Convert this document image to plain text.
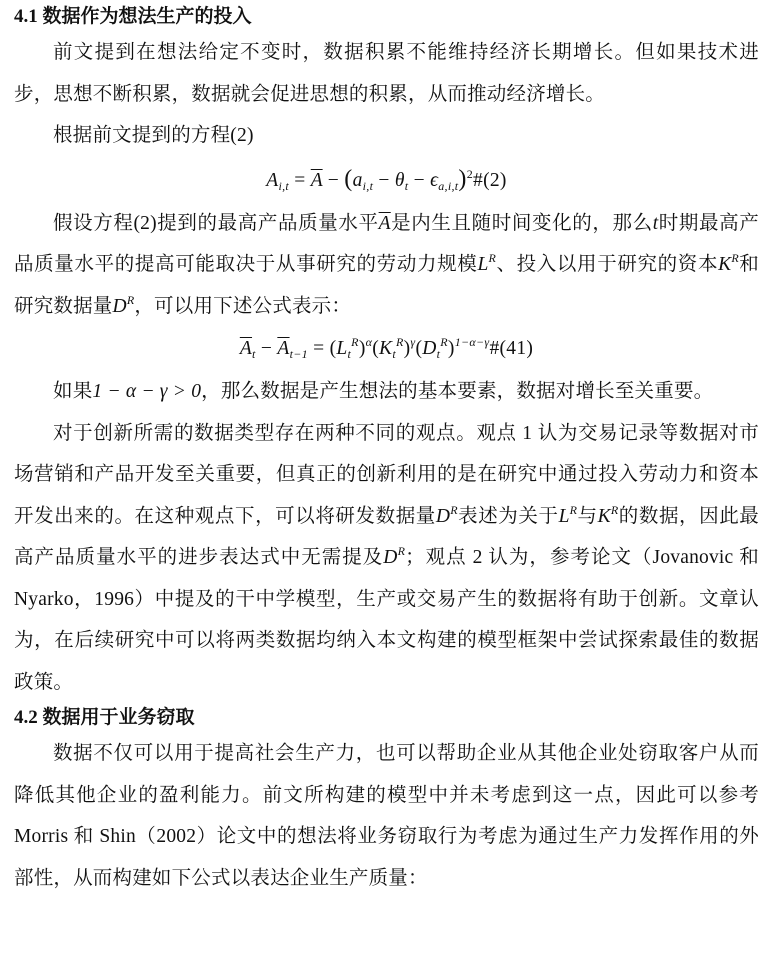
4.1 数据作为想法生产的投入

前文提到在想法给定不变时，数据积累不能维持经济长期增长。但如果技术进步，思想不断积累，数据就会促进思想的积累，从而推动经济增长。

根据前文提到的方程(2)

$A_{i,t} = \overline{A} - (a_{i,t} - \theta_t$ − $\epsilon_{a,i,t})^2\#(2)$

假设方程(2)提到的最高产品质量水平$\overline{A}$是内生且随时间变化的，那么t时期最高产品质量水平的提高可能取决于从事研究的劳动力规模$L^R$、投入以用于研究的资本$K^R$和研究数据量$D^R$，可以用下述公式表示：

$\overline{A}_t - \overline{A}_{t-1}$ = $(L_t^R)^\alpha(K_t^R)^\gamma(D_t^R)^{1-\alpha-\gamma}\#(41)$

如果1 − α − γ > 0，那么数据是产生想法的基本要素，数据对增长至关重要。

对于创新所需的数据类型存在两种不同的观点。观点 1 认为交易记录等数据对市场营销和产品开发至关重要，但真正的创新利用的是在研究中通过投入劳动力和资本开发出来的。在这种观点下，可以将研发数据量$D^R$表述为关于$L^R$与$K^R$的数据，因此最高产品质量水平的进步表达式中无需提及$D^R$；观点 2 认为，参考论文（Jovanovic 和 Nyarko，1996）中提及的干中学模型，生产或交易产生的数据将有助于创新。文章认为，在后续研究中可以将两类数据均纳入本文构建的模型框架中尝试探索最佳的数据政策。

4.2 数据用于业务窃取

数据不仅可以用于提高社会生产力，也可以帮助企业从其他企业处窃取客户从而降低其他企业的盈利能力。前文所构建的模型中并未考虑到这一点，因此可以参考 Morris 和 Shin（2002）论文中的想法将业务窃取行为考虑为通过生产力发挥作用的外部性，从而构建如下公式以表达企业生产质量：
